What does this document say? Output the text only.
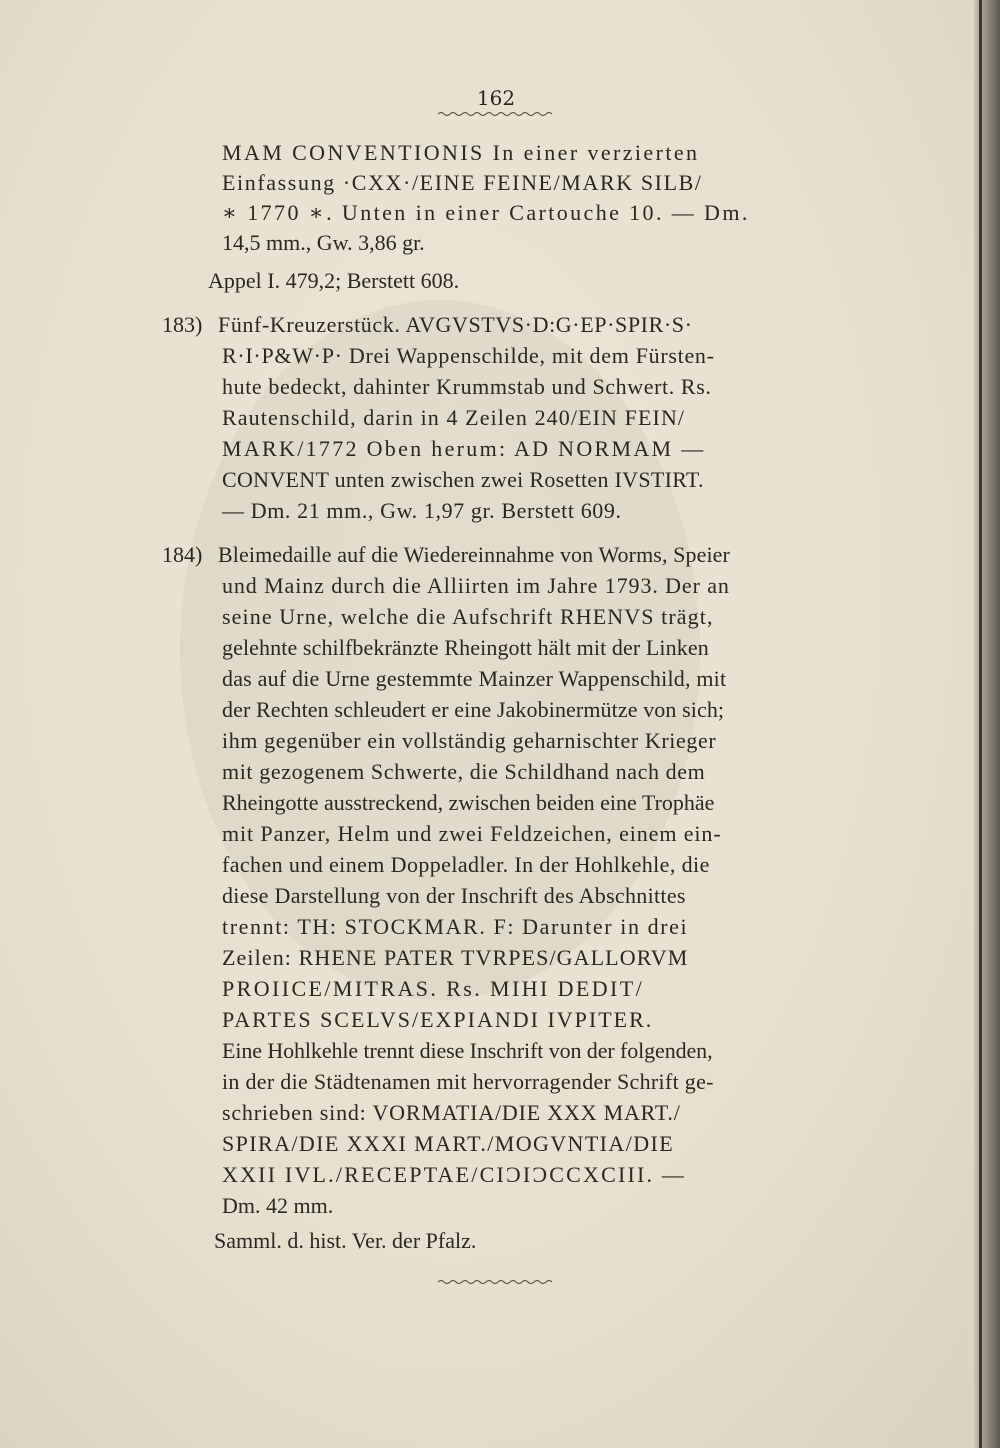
162
MAM CONVENTIONIS In einer verzierten
Einfassung ·CXX·/EINE FEINE/MARK SILB/
∗ 1770 ∗. Unten in einer Cartouche 10. — Dm.
14,5 mm., Gw. 3,86 gr.
Appel I. 479,2; Berstett 608.
183) Fünf-Kreuzerstück. AVGVSTVS·D:G·EP·SPIR·S·
R·I·P&W·P· Drei Wappenschilde, mit dem Fürsten-
hute bedeckt, dahinter Krummstab und Schwert. Rs.
Rautenschild, darin in 4 Zeilen 240/EIN FEIN/
MARK/1772 Oben herum: AD NORMAM —
CONVENT unten zwischen zwei Rosetten IVSTIRT.
— Dm. 21 mm., Gw. 1,97 gr. Berstett 609.
184) Bleimedaille auf die Wiedereinnahme von Worms, Speier
und Mainz durch die Alliirten im Jahre 1793. Der an
seine Urne, welche die Aufschrift RHENVS trägt,
gelehnte schilfbekränzte Rheingott hält mit der Linken
das auf die Urne gestemmte Mainzer Wappenschild, mit
der Rechten schleudert er eine Jakobinermütze von sich;
ihm gegenüber ein vollständig geharnischter Krieger
mit gezogenem Schwerte, die Schildhand nach dem
Rheingotte ausstreckend, zwischen beiden eine Trophäe
mit Panzer, Helm und zwei Feldzeichen, einem ein-
fachen und einem Doppeladler. In der Hohlkehle, die
diese Darstellung von der Inschrift des Abschnittes
trennt: TH: STOCKMAR. F: Darunter in drei
Zeilen: RHENE PATER TVRPES/GALLORVM
PROIICE/MITRAS. Rs. MIHI DEDIT/
PARTES SCELVS/EXPIANDI IVPITER.
Eine Hohlkehle trennt diese Inschrift von der folgenden,
in der die Städtenamen mit hervorragender Schrift ge-
schrieben sind: VORMATIA/DIE XXX MART./
SPIRA/DIE XXXI MART./MOGVNTIA/DIE
XXII IVL./RECEPTAE/CIƆIƆCCXCIII. —
Dm. 42 mm.
Samml. d. hist. Ver. der Pfalz.
